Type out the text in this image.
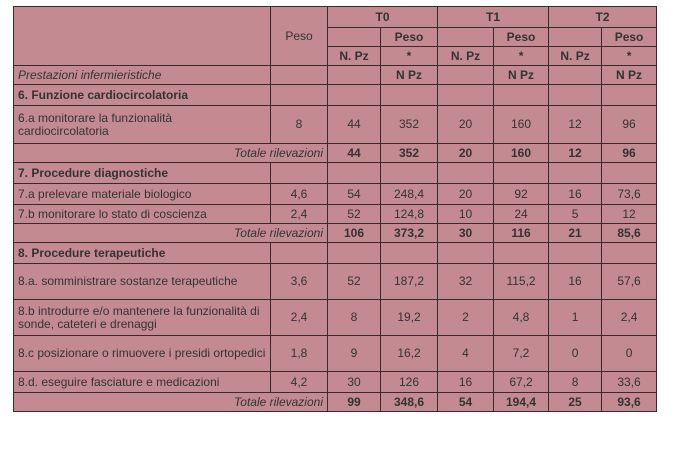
	Peso	T0		T1		T2	
			Peso		Peso		Peso
		N. Pz	*	N. Pz	*	N. Pz	*
Prestazioni infermieristiche			N Pz		N Pz		N Pz
6. Funzione cardiocircolatoria							
6.a monitorare la funzionalità cardiocircolatoria	8	44	352	20	160	12	96
Totale rilevazioni		44	352	20	160	12	96
7. Procedure diagnostiche							
7.a prelevare materiale biologico	4,6	54	248,4	20	92	16	73,6
7.b monitorare lo stato di coscienza	2,4	52	124,8	10	24	5	12
Totale rilevazioni		106	373,2	30	116	21	85,6
8. Procedure terapeutiche							
8.a. somministrare sostanze terapeutiche	3,6	52	187,2	32	115,2	16	57,6
8.b introdurre e/o mantenere la funzionalità di sonde, cateteri e drenaggi	2,4	8	19,2	2	4,8	1	2,4
8.c posizionare o rimuovere i presidi ortopedici	1,8	9	16,2	4	7,2	0	0
8.d. eseguire fasciature e medicazioni	4,2	30	126	16	67,2	8	33,6
Totale rilevazioni		99	348,6	54	194,4	25	93,6
